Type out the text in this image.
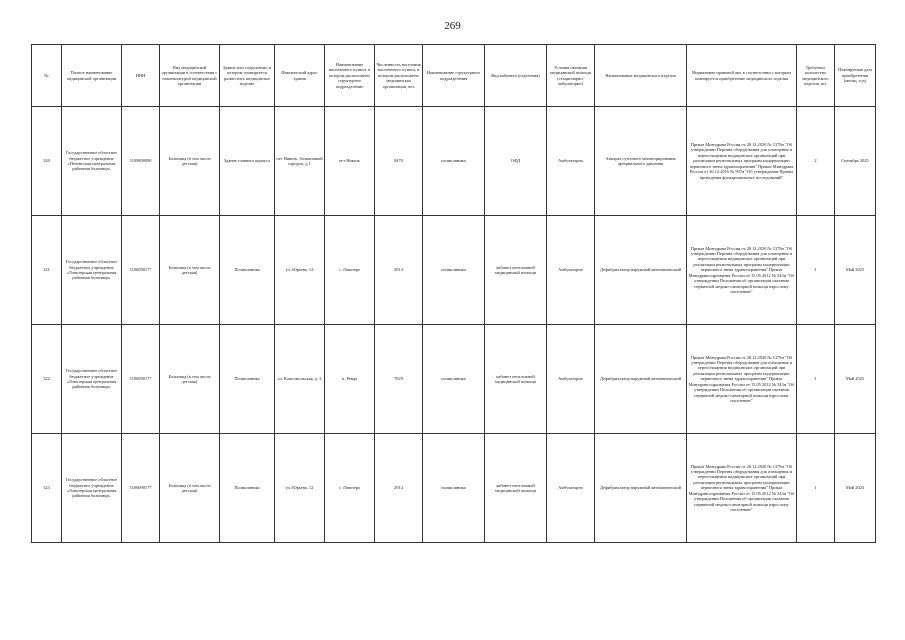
269
№	Полное наименование медицинской организации	ИНН	Вид медицинской организации в соответствии с номенклатурой медицинской организации	Здание или сооружение, в котором планируется разместить медицинское изделие	Фактический адрес здания	Наименование населенного пункта, в котором расположено структурное подразделение	Численность населения населенного пункта, в котором расположено медицинская организация, чел	Наименование структурного подразделения	Вид кабинета (отделения)	Условия оказания медицинской помощи (стационарно/амбулаторно)	Наименование медицинского изделия	Нормативно-правовой акт, в соответствии с которым планируется приобретение медицинского изделия	Требуемое количество медицинского изделия, шт.	Планируемая дата приобретения (месяц, год)
320	Государственное областное бюджетное учреждение «Печенгская центральная районная больница»	5109800090	Больница (в том числе детская)	Здание главного корпуса	пгт Никель, больничный городок, д 1	пгт Никель	8470	поликлиника	ОФД	Амбулаторно	Аппарат суточного мониторирования артериального давления	Приказ Минздрава России от 28.12.2020 № 1379н "Об утверждении Перечня оборудования для оснащения и переоснащения медицинских организаций при реализации региональных программ модернизации первичного звена здравоохранения" Приказ Минздрава России от 26.12.2016 № 997н "Об утверждении Правил проведения функциональных исследований"	2	Сентябрь 2025
321	Государственное областное бюджетное учреждение «Ловозерская центральная районная больница»	5106090177	Больница (в том числе детская)	Поликлиника	ул. Юрьева, 12	с. Ловозеро	2914	поликлиника	кабинет неотложной медицинской помощи	Амбулаторно	Дефибриллятор наружный автоматический	Приказ Минздрава России от 28.12.2020 № 1379н "Об утверждении Перечня оборудования для оснащения и переоснащения медицинских организаций при реализации региональных программ модернизации первичного звена здравоохранения" Приказ Минздравсоцразвития России от 15.05.2012 № 543н "Об утверждении Положения об организации оказания первичной медико-санитарной помощи взрослому населению"	1	Май 2025
322	Государственное областное бюджетное учреждение «Ловозерская центральная районная больница»	5106090177	Больница (в том числе детская)	Поликлиника	ул. Комсомольская, д. 2	п. Ревда	7829	поликлиника	кабинет неотложной медицинской помощи	Амбулаторно	Дефибриллятор наружный автоматический	Приказ Минздрава России от 28.12.2020 № 1379н "Об утверждении Перечня оборудования для оснащения и переоснащения медицинских организаций при реализации региональных программ модернизации первичного звена здравоохранения" Приказ Минздравсоцразвития России от 15.05.2012 № 543н "Об утверждении Положения об организации оказания первичной медико-санитарной помощи взрослому населению"	1	Май 2025
323	Государственное областное бюджетное учреждение «Ловозерская центральная районная больница»	5106090177	Больница (в том числе детская)	Поликлиника	ул. Юрьева, 12	с. Ловозеро	2914	поликлиника	кабинет неотложной медицинской помощи	Амбулаторно	Дефибриллятор наружный автоматический	Приказ Минздрава России от 28.12.2020 № 1379н "Об утверждении Перечня оборудования для оснащения и переоснащения медицинских организаций при реализации региональных программ модернизации первичного звена здравоохранения" Приказ Минздравсоцразвития России от 15.05.2012 № 543н "Об утверждении Положения об организации оказания первичной медико-санитарной помощи взрослому населению"	1	Май 2025
